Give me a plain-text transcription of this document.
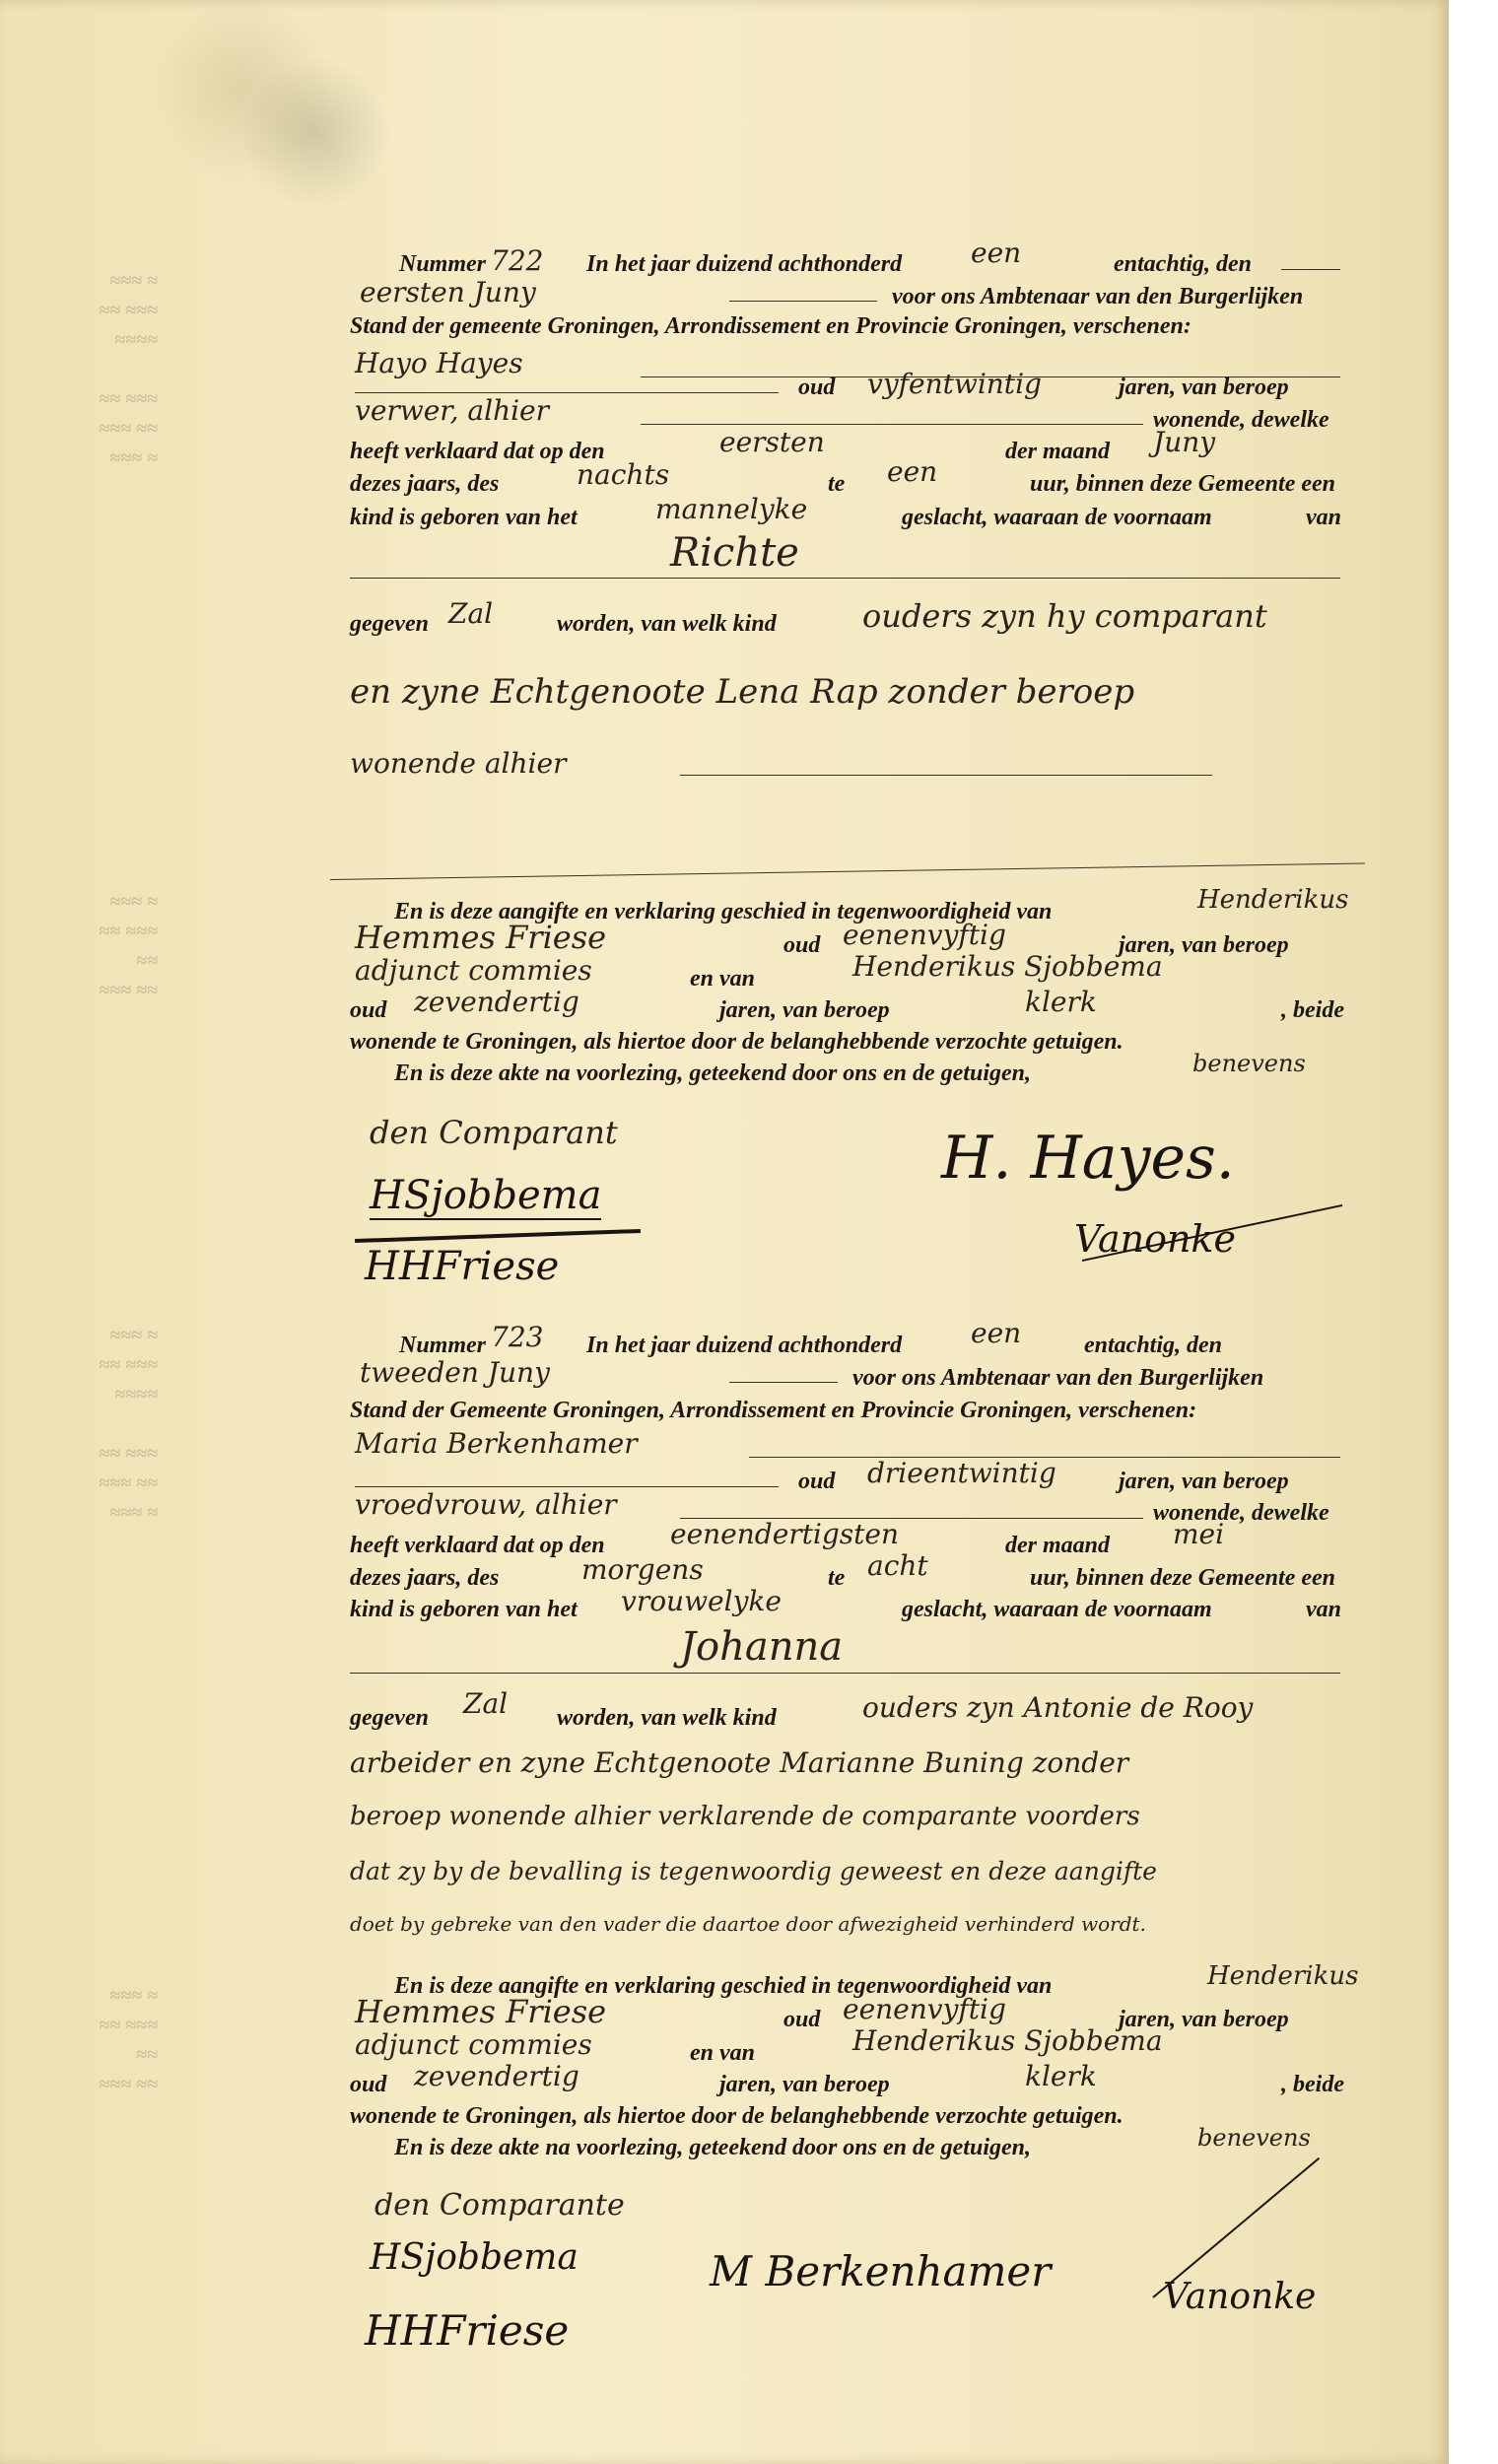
≈≈≈ ≈
≈≈ ≈≈≈
≈≈≈≈

≈≈ ≈≈≈
≈≈≈ ≈≈
≈≈≈ ≈
≈≈≈ ≈
≈≈ ≈≈≈
≈≈
≈≈≈ ≈≈
≈≈≈ ≈
≈≈ ≈≈≈
≈≈≈≈

≈≈ ≈≈≈
≈≈≈ ≈≈
≈≈≈ ≈
≈≈≈ ≈
≈≈ ≈≈≈
≈≈
≈≈≈ ≈≈
Nummer 722 In het jaar duizend achthonderd een	entachtig, den
eersten Juny	voor ons Ambtenaar van den Burgerlijken
Stand der gemeente Groningen, Arrondissement en Provincie Groningen, verschenen:
Hayo Hayes
oud vyfentwintig	jaren, van beroep
verwer, alhier	wonende, dewelke
heeft verklaard dat op den	eersten	der maand Juny
dezes jaars, des	nachts	te een	uur, binnen deze Gemeente een
kind is geboren van het	mannelyke	geslacht, waaraan de voornaam	van
Richte
gegeven Zal	worden, van welk kind	ouders zyn hy comparant
en zyne Echtgenoote Lena Rap zonder beroep
wonende alhier
En is deze aangifte en verklaring geschied in tegenwoordigheid van	Henderikus
Hemmes Friese	oud eenenvyftig	jaren, van beroep
adjunct commies	en van	Henderikus Sjobbema
oud zevendertig	jaren, van beroep	klerk	, beide
wonende te Groningen, als hiertoe door de belanghebbende verzochte getuigen.
En is deze akte na voorlezing, geteekend door ons en de getuigen,	benevens
den Comparant	H. Hayes.
HSjobbema
HHFriese
Vanonke
Nummer 723 In het jaar duizend achthonderd een	entachtig, den
tweeden Juny	voor ons Ambtenaar van den Burgerlijken
Stand der Gemeente Groningen, Arrondissement en Provincie Groningen, verschenen:
Maria Berkenhamer
oud drieentwintig	jaren, van beroep
vroedvrouw, alhier	wonende, dewelke
heeft verklaard dat op den eenendertigsten	der maand mei
dezes jaars, des	morgens	te acht	uur, binnen deze Gemeente een
kind is geboren van het vrouwelyke	geslacht, waaraan de voornaam	van
Johanna
gegeven Zal worden, van welk kind	ouders zyn Antonie de Rooy
arbeider en zyne Echtgenoote Marianne Buning zonder
beroep wonende alhier verklarende de comparante voorders
dat zy by de bevalling is tegenwoordig geweest en deze aangifte
doet by gebreke van den vader die daartoe door afwezigheid verhinderd wordt.
En is deze aangifte en verklaring geschied in tegenwoordigheid van	Henderikus
Hemmes Friese	oud eenenvyftig	jaren, van beroep
adjunct commies	en van	Henderikus Sjobbema
oud zevendertig	jaren, van beroep	klerk	, beide
wonende te Groningen, als hiertoe door de belanghebbende verzochte getuigen.
En is deze akte na voorlezing, geteekend door ons en de getuigen,	benevens
den Comparante
HSjobbema	M Berkenhamer
HHFriese
Vanonke
